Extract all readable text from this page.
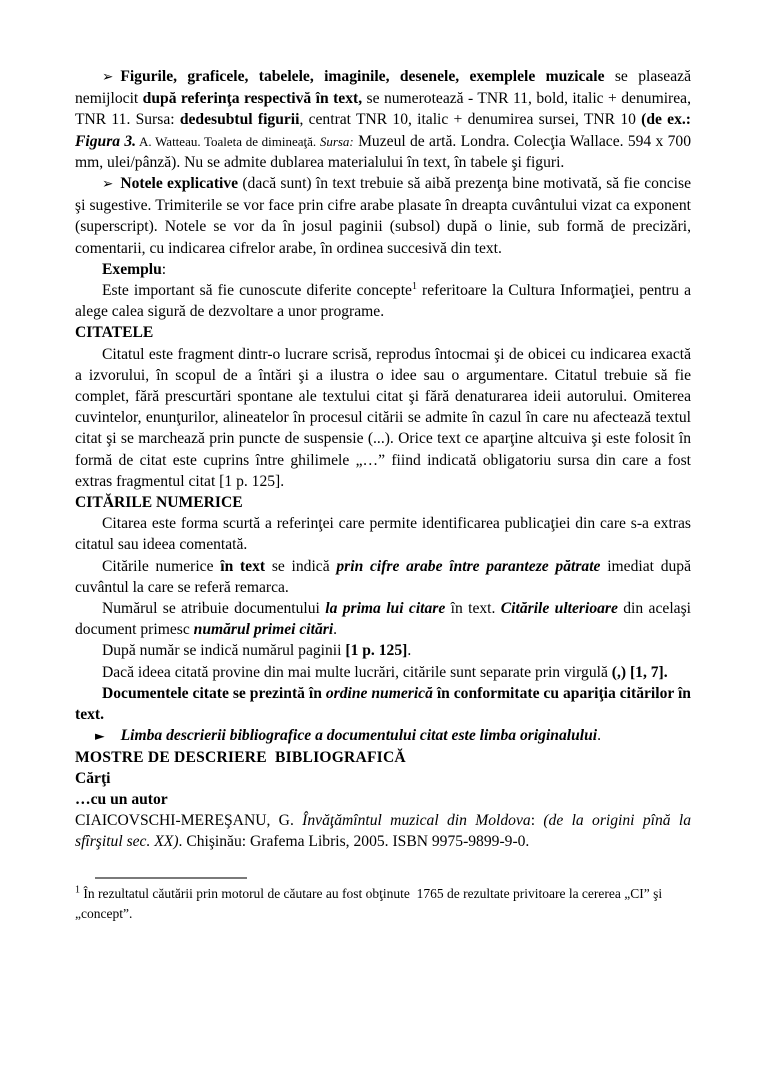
➢ Figurile, graficele, tabelele, imaginile, desenele, exemplele muzicale se plasează nemijlocit după referinţa respectivă în text, se numerotează - TNR 11, bold, italic + denumirea, TNR 11. Sursa: dedesubtul figurii, centrat TNR 10, italic + denumirea sursei, TNR 10 (de ex.: Figura 3. A. Watteau. Toaleta de dimineaţă. Sursa: Muzeul de artă. Londra. Colecţia Wallace. 594 x 700 mm, ulei/pânză). Nu se admite dublarea materialului în text, în tabele şi figuri.

➢ Notele explicative (dacă sunt) în text trebuie să aibă prezenţa bine motivată, să fie concise şi sugestive. Trimiterile se vor face prin cifre arabe plasate în dreapta cuvântului vizat ca exponent (superscript). Notele se vor da în josul paginii (subsol) după o linie, sub formă de precizări, comentarii, cu indicarea cifrelor arabe, în ordinea succesivă din text.

Exemplu:

Este important să fie cunoscute diferite concepte$^1$ referitoare la Cultura Informaţiei, pentru a alege calea sigură de dezvoltare a unor programe.

CITATELE

Citatul este fragment dintr-o lucrare scrisă, reprodus întocmai şi de obicei cu indicarea exactă a izvorului, în scopul de a întări şi a ilustra o idee sau o argumentare. Citatul trebuie să fie complet, fără prescurtări spontane ale textului citat şi fără denaturarea ideii autorului. Omiterea cuvintelor, enunţurilor, alineatelor în procesul citării se admite în cazul în care nu afectează textul citat şi se marchează prin puncte de suspensie (...). Orice text ce aparţine altcuiva şi este folosit în formă de citat este cuprins între ghilimele „…” fiind indicată obligatoriu sursa din care a fost extras fragmentul citat [1 p. 125].

CITĂRILE NUMERICE

Citarea este forma scurtă a referinţei care permite identificarea publicaţiei din care s-a extras citatul sau ideea comentată.

Citările numerice în text se indică prin cifre arabe între paranteze pătrate imediat după cuvântul la care se referă remarca.

Numărul se atribuie documentului la prima lui citare în text. Citările ulterioare din acelaşi document primesc numărul primei citări.

După număr se indică numărul paginii [1 p. 125].

Dacă ideea citată provine din mai multe lucrări, citările sunt separate prin virgulă (,) [1, 7].

Documentele citate se prezintă în ordine numerică în conformitate cu apariţia citărilor în text.

► Limba descrierii bibliografice a documentului citat este limba originalului.

MOSTRE DE DESCRIERE  BIBLIOGRAFICĂ

Cărţi

…cu un autor

CIAICOVSCHI-MEREŞANU, G. Învăţămîntul muzical din Moldova: (de la origini pînă la sfîrşitul sec. XX). Chişinău: Grafema Libris, 2005. ISBN 9975-9899-9-0.

$^1$ În rezultatul căutării prin motorul de căutare au fost obţinute  1765 de rezultate privitoare la cererea „CI” şi „concept”.
